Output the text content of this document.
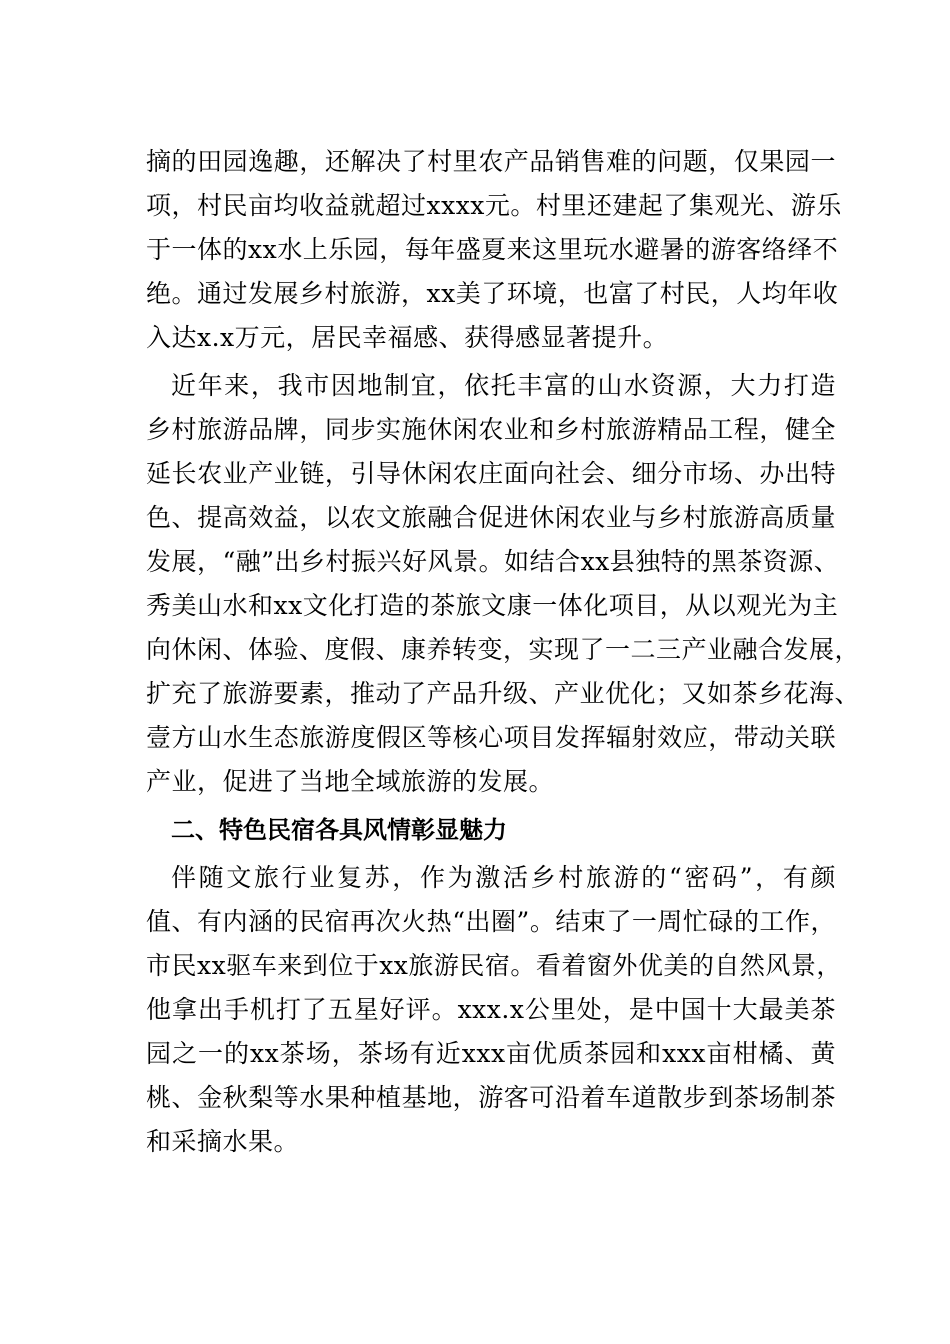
摘的田园逸趣，还解决了村里农产品销售难的问题，仅果园一
项，村民亩均收益就超过xxxx元。村里还建起了集观光、游乐
于一体的xx水上乐园，每年盛夏来这里玩水避暑的游客络绎不
绝。通过发展乡村旅游，xx美了环境，也富了村民，人均年收
入达x.x万元，居民幸福感、获得感显著提升。
近年来，我市因地制宜，依托丰富的山水资源，大力打造
乡村旅游品牌，同步实施休闲农业和乡村旅游精品工程，健全
延长农业产业链，引导休闲农庄面向社会、细分市场、办出特
色、提高效益，以农文旅融合促进休闲农业与乡村旅游高质量
发展，“融”出乡村振兴好风景。如结合xx县独特的黑茶资源、
秀美山水和xx文化打造的茶旅文康一体化项目，从以观光为主
向休闲、体验、度假、康养转变，实现了一二三产业融合发展，
扩充了旅游要素，推动了产品升级、产业优化；又如茶乡花海、
壹方山水生态旅游度假区等核心项目发挥辐射效应，带动关联
产业，促进了当地全域旅游的发展。
二、特色民宿各具风情彰显魅力
伴随文旅行业复苏，作为激活乡村旅游的“密码”，有颜
值、有内涵的民宿再次火热“出圈”。结束了一周忙碌的工作，
市民xx驱车来到位于xx旅游民宿。看着窗外优美的自然风景，
他拿出手机打了五星好评。xxx.x公里处，是中国十大最美茶
园之一的xx茶场，茶场有近xxx亩优质茶园和xxx亩柑橘、黄
桃、金秋梨等水果种植基地，游客可沿着车道散步到茶场制茶
和采摘水果。
